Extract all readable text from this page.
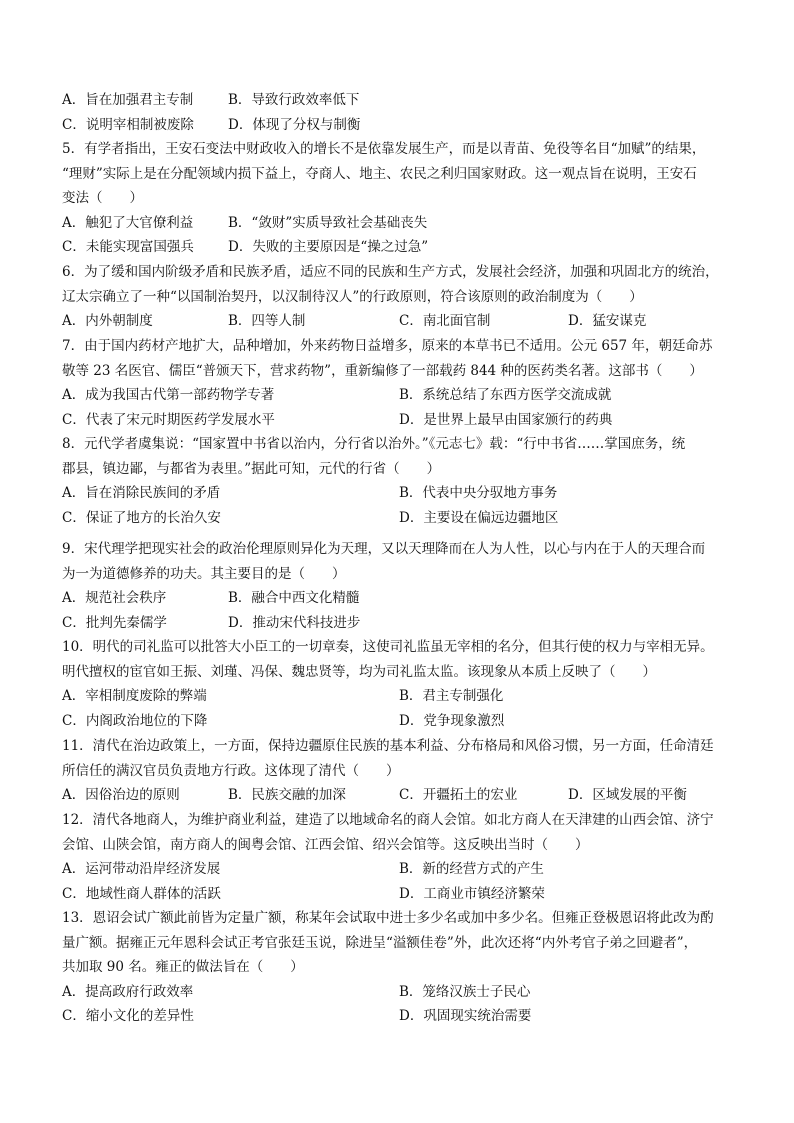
A．旨在加强君主专制	B．导致行政效率低下
C．说明宰相制被废除	D．体现了分权与制衡
5．有学者指出，王安石变法中财政收入的增长不是依靠发展生产，而是以青苗、免役等名目“加赋”的结果，
“理财”实际上是在分配领域内损下益上，夺商人、地主、农民之利归国家财政。这一观点旨在说明，王安石
变法（　　）
A．触犯了大官僚利益	B．“敛财”实质导致社会基础丧失
C．未能实现富国强兵	D．失败的主要原因是“操之过急”
6．为了缓和国内阶级矛盾和民族矛盾，适应不同的民族和生产方式，发展社会经济，加强和巩固北方的统治，
辽太宗确立了一种“以国制治契丹，以汉制待汉人”的行政原则，符合该原则的政治制度为（　　）
A．内外朝制度	B．四等人制	C．南北面官制	D．猛安谋克
7．由于国内药材产地扩大，品种增加，外来药物日益增多，原来的本草书已不适用。公元 657 年，朝廷命苏
敬等 23 名医官、儒臣“普颁天下，营求药物”，重新编修了一部载药 844 种的医药类名著。这部书（　　）
A．成为我国古代第一部药物学专著	B．系统总结了东西方医学交流成就
C．代表了宋元时期医药学发展水平	D．是世界上最早由国家颁行的药典
8．元代学者虞集说：“国家置中书省以治内，分行省以治外。”《元志七》载：“行中书省……掌国庶务，统
郡县，镇边鄙，与都省为表里。”据此可知，元代的行省（　　）
A．旨在消除民族间的矛盾	B．代表中央分驭地方事务
C．保证了地方的长治久安	D．主要设在偏远边疆地区
9．宋代理学把现实社会的政治伦理原则异化为天理，又以天理降而在人为人性，以心与内在于人的天理合而
为一为道德修养的功夫。其主要目的是（　　）
A．规范社会秩序	B．融合中西文化精髓
C．批判先秦儒学	D．推动宋代科技进步
10．明代的司礼监可以批答大小臣工的一切章奏，这使司礼监虽无宰相的名分，但其行使的权力与宰相无异。
明代擅权的宦官如王振、刘瑾、冯保、魏忠贤等，均为司礼监太监。该现象从本质上反映了（　　）
A．宰相制度废除的弊端	B．君主专制强化
C．内阁政治地位的下降	D．党争现象激烈
11．清代在治边政策上，一方面，保持边疆原住民族的基本利益、分布格局和风俗习惯，另一方面，任命清廷
所信任的满汉官员负责地方行政。这体现了清代（　　）
A．因俗治边的原则	B．民族交融的加深	C．开疆拓土的宏业	D．区域发展的平衡
12．清代各地商人，为维护商业利益，建造了以地域命名的商人会馆。如北方商人在天津建的山西会馆、济宁
会馆、山陕会馆，南方商人的闽粤会馆、江西会馆、绍兴会馆等。这反映出当时（　　）
A．运河带动沿岸经济发展	B．新的经营方式的产生
C．地域性商人群体的活跃	D．工商业市镇经济繁荣
13．恩诏会试广额此前皆为定量广额，称某年会试取中进士多少名或加中多少名。但雍正登极恩诏将此改为酌
量广额。据雍正元年恩科会试正考官张廷玉说，除进呈“溢额佳卷”外，此次还将“内外考官子弟之回避者”，
共加取 90 名。雍正的做法旨在（　　）
A．提高政府行政效率	B．笼络汉族士子民心
C．缩小文化的差异性	D．巩固现实统治需要
